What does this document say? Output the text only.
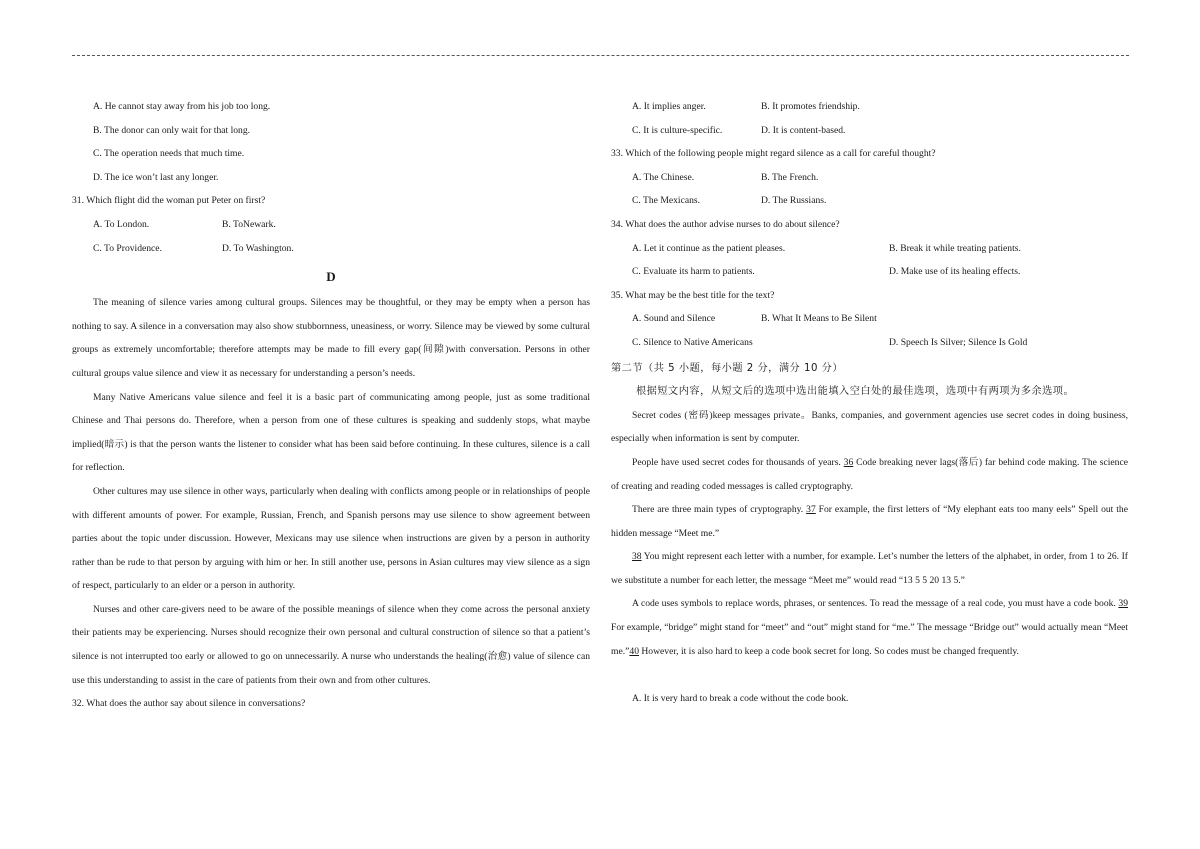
A. He cannot stay away from his job too long.
B. The donor can only wait for that long.
C. The operation needs that much time.
D. The ice won’t last any longer.
31. Which flight did the woman put Peter on first?
A. To London.	B. ToNewark.
C. To Providence.	D. To Washington.
D
The meaning of silence varies among cultural groups. Silences may be thoughtful, or they may be empty when a person has nothing to say. A silence in a conversation may also show stubbornness, uneasiness, or worry. Silence may be viewed by some cultural groups as extremely uncomfortable; therefore attempts may be made to fill every gap(间隙)with conversation. Persons in other cultural groups value silence and view it as necessary for understanding a person’s needs.
Many Native Americans value silence and feel it is a basic part of communicating among people, just as some traditional Chinese and Thai persons do. Therefore, when a person from one of these cultures is speaking and suddenly stops, what maybe implied(暗示) is that the person wants the listener to consider what has been said before continuing. In these cultures, silence is a call for reflection.
Other cultures may use silence in other ways, particularly when dealing with conflicts among people or in relationships of people with different amounts of power. For example, Russian, French, and Spanish persons may use silence to show agreement between parties about the topic under discussion. However, Mexicans may use silence when instructions are given by a person in authority rather than be rude to that person by arguing with him or her. In still another use, persons in Asian cultures may view silence as a sign of respect, particularly to an elder or a person in authority.
Nurses and other care-givers need to be aware of the possible meanings of silence when they come across the personal anxiety their patients may be experiencing. Nurses should recognize their own personal and cultural construction of silence so that a patient’s silence is not interrupted too early or allowed to go on unnecessarily. A nurse who understands the healing(治愈) value of silence can use this understanding to assist in the care of patients from their own and from other cultures.
32. What does the author say about silence in conversations?
A. It implies anger.	B. It promotes friendship.
C. It is culture-specific.	D. It is content-based.
33. Which of the following people might regard silence as a call for careful thought?
A. The Chinese.	B. The French.
C. The Mexicans.	D. The Russians.
34. What does the author advise nurses to do about silence?
A. Let it continue as the patient pleases.	B. Break it while treating patients.
C. Evaluate its harm to patients.	D. Make use of its healing effects.
35. What may be the best title for the text?
A. Sound and Silence	B. What It Means to Be Silent
C. Silence to Native Americans	D. Speech Is Silver; Silence Is Gold
第二节（共 5 小题，每小题 2 分，满分 10 分）
根据短文内容，从短文后的选项中选出能填入空白处的最佳选项，选项中有两项为多余选项。
Secret codes (密码)keep messages private。Banks, companies, and government agencies use secret codes in doing business, especially when information is sent by computer.
People have used secret codes for thousands of years. 36 Code breaking never lags(落后) far behind code making. The science of creating and reading coded messages is called cryptography.
There are three main types of cryptography. 37 For example, the first letters of “My elephant eats too many eels” Spell out the hidden message “Meet me.”
38 You might represent each letter with a number, for example. Let’s number the letters of the alphabet, in order, from 1 to 26. If we substitute a number for each letter, the message “Meet me” would read “13 5 5 20 13 5.”
A code uses symbols to replace words, phrases, or sentences. To read the message of a real code, you must have a code book. 39 For example, “bridge” might stand for “meet” and “out” might stand for “me.” The message “Bridge out” would actually mean “Meet me.”40 However, it is also hard to keep a code book secret for long. So codes must be changed frequently.
A. It is very hard to break a code without the code book.
